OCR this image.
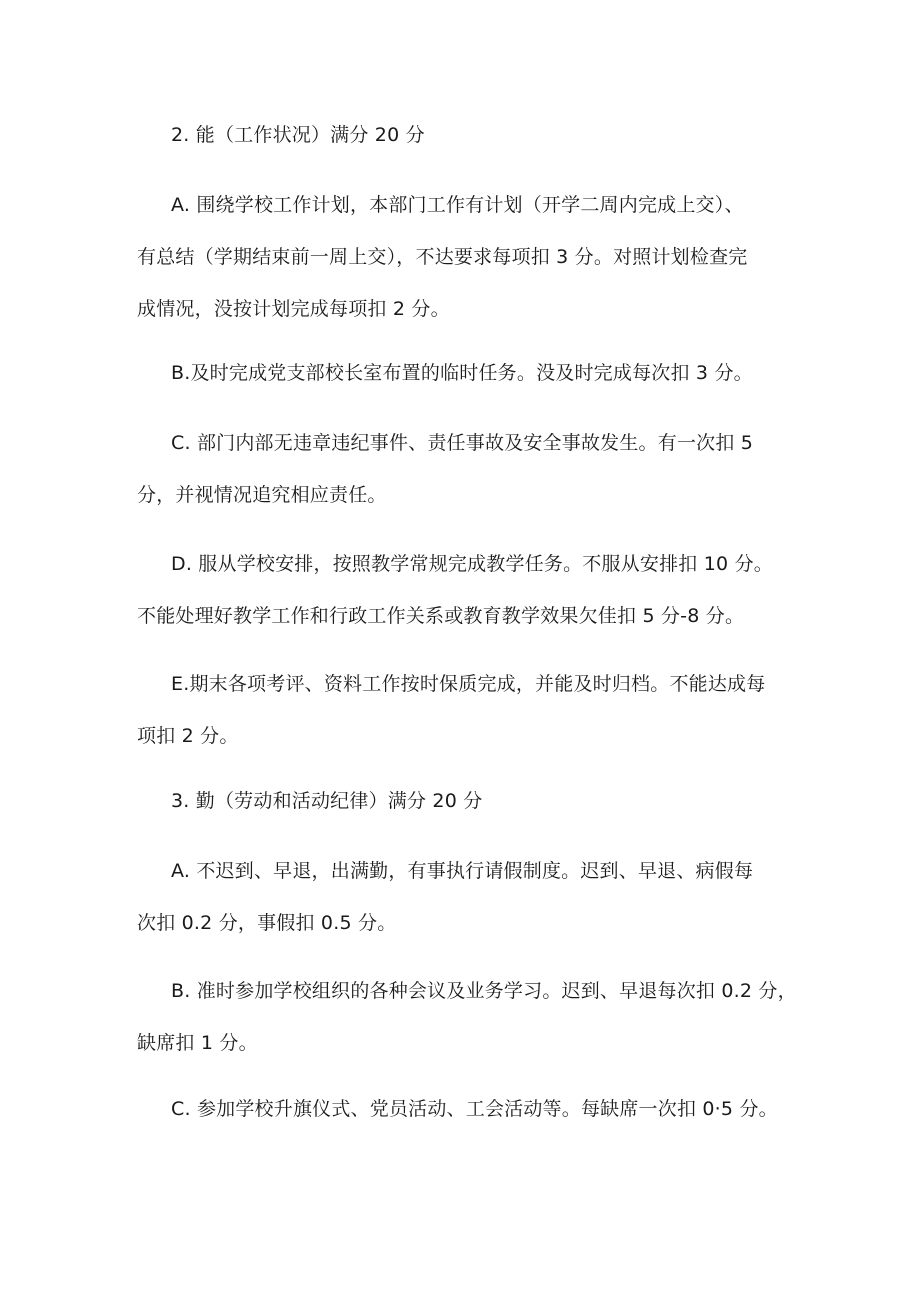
2. 能（工作状况）满分 20 分

A. 围绕学校工作计划，本部门工作有计划（开学二周内完成上交）、
有总结（学期结束前一周上交），不达要求每项扣 3 分。对照计划检查完
成情况，没按计划完成每项扣 2 分。

B.及时完成党支部校长室布置的临时任务。没及时完成每次扣 3 分。

C. 部门内部无违章违纪事件、责任事故及安全事故发生。有一次扣 5
分，并视情况追究相应责任。

D. 服从学校安排，按照教学常规完成教学任务。不服从安排扣 10 分。
不能处理好教学工作和行政工作关系或教育教学效果欠佳扣 5 分-8 分。

E.期末各项考评、资料工作按时保质完成，并能及时归档。不能达成每
项扣 2 分。

3. 勤（劳动和活动纪律）满分 20 分

A. 不迟到、早退，出满勤，有事执行请假制度。迟到、早退、病假每
次扣 0.2 分，事假扣 0.5 分。

B. 准时参加学校组织的各种会议及业务学习。迟到、早退每次扣 0.2 分，
缺席扣 1 分。

C. 参加学校升旗仪式、党员活动、工会活动等。每缺席一次扣 0·5 分。
